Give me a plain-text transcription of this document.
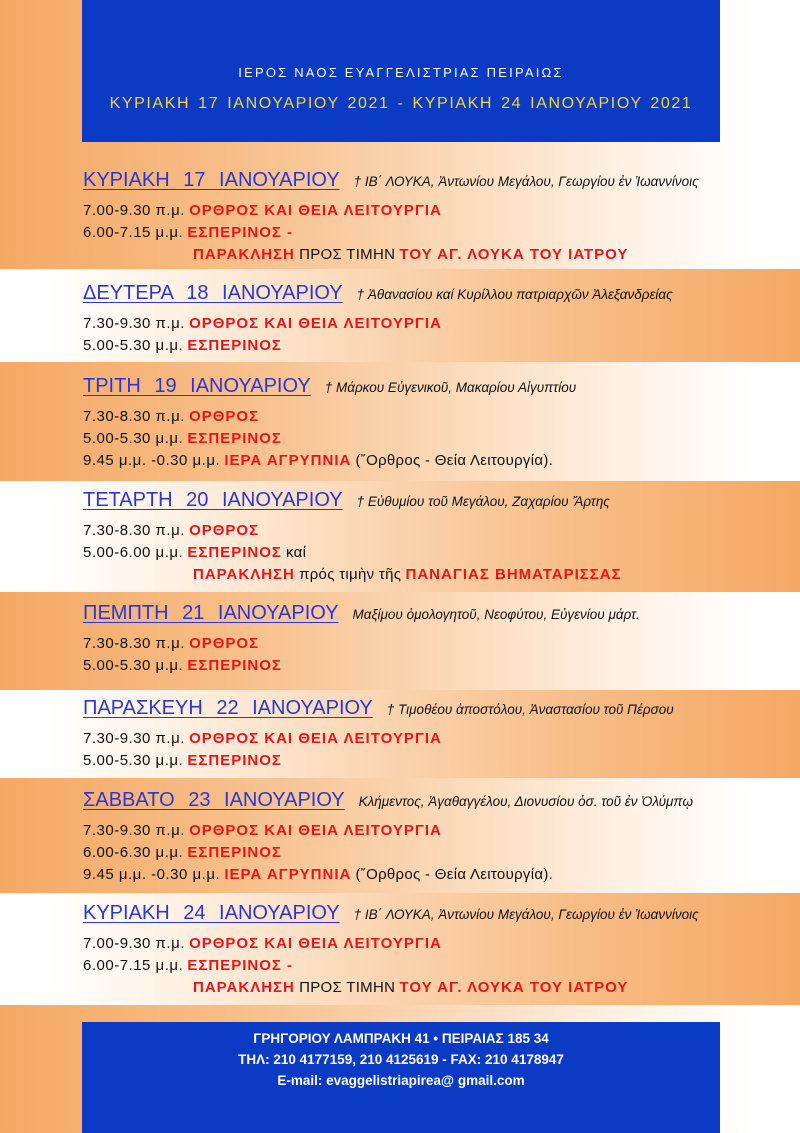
ΙΕΡΟΣ ΝΑΟΣ ΕΥΑΓΓΕΛΙΣΤΡΙΑΣ ΠΕΙΡΑΙΩΣ
ΚΥΡΙΑΚΗ 17 ΙΑΝΟΥΑΡΙΟΥ 2021 - ΚΥΡΙΑΚΗ 24 ΙΑΝΟΥΑΡΙΟΥ 2021
ΚΥΡΙΑΚΗ 17 ΙΑΝΟΥΑΡΙΟΥ † ΙΒ΄ ΛΟΥΚΑ, Ἀντωνίου Μεγάλου, Γεωργίου ἐν Ἰωαννίνοις
7.00-9.30 π.μ. ΟΡΘΡΟΣ ΚΑΙ ΘΕΙΑ ΛΕΙΤΟΥΡΓΙΑ
6.00-7.15 μ.μ. ΕΣΠΕΡΙΝΟΣ -
ΠΑΡΑΚΛΗΣΗ ΠΡΟΣ ΤΙΜΗΝ ΤΟΥ ΑΓ. ΛΟΥΚΑ ΤΟΥ ΙΑΤΡΟΥ
ΔΕΥΤΕΡΑ 18 ΙΑΝΟΥΑΡΙΟΥ † Ἀθανασίου καί Κυρίλλου πατριαρχῶν Ἀλεξανδρείας
7.30-9.30 π.μ. ΟΡΘΡΟΣ ΚΑΙ ΘΕΙΑ ΛΕΙΤΟΥΡΓΙΑ
5.00-5.30 μ.μ. ΕΣΠΕΡΙΝΟΣ
ΤΡΙΤΗ 19 ΙΑΝΟΥΑΡΙΟΥ † Μάρκου Εὐγενικοῦ, Μακαρίου Αἰγυπτίου
7.30-8.30 π.μ. ΟΡΘΡΟΣ
5.00-5.30 μ.μ. ΕΣΠΕΡΙΝΟΣ
9.45 μ.μ. -0.30 μ.μ. ΙΕΡΑ ΑΓΡΥΠΝΙΑ (῎Ορθρος - Θεία Λειτουργία).
ΤΕΤΑΡΤΗ 20 ΙΑΝΟΥΑΡΙΟΥ † Εὐθυμίου τοῦ Μεγάλου, Ζαχαρίου Ἄρτης
7.30-8.30 π.μ. ΟΡΘΡΟΣ
5.00-6.00 μ.μ. ΕΣΠΕΡΙΝΟΣ καί
ΠΑΡΑΚΛΗΣΗ πρός τιμὴν τῆς ΠΑΝΑΓΙΑΣ ΒΗΜΑΤΑΡΙΣΣΑΣ
ΠΕΜΠΤΗ 21 ΙΑΝΟΥΑΡΙΟΥ Μαξίμου ὁμολογητοῦ, Νεοφύτου, Εὐγενίου μάρτ.
7.30-8.30 π.μ. ΟΡΘΡΟΣ
5.00-5.30 μ.μ. ΕΣΠΕΡΙΝΟΣ
ΠΑΡΑΣΚΕΥΗ 22 ΙΑΝΟΥΑΡΙΟΥ † Τιμοθέου ἀποστόλου, Ἀναστασίου τοῦ Πέρσου
7.30-9.30 π.μ. ΟΡΘΡΟΣ ΚΑΙ ΘΕΙΑ ΛΕΙΤΟΥΡΓΙΑ
5.00-5.30 μ.μ. ΕΣΠΕΡΙΝΟΣ
ΣΑΒΒΑΤΟ 23 ΙΑΝΟΥΑΡΙΟΥ Κλήμεντος, Ἀγαθαγγέλου, Διονυσίου ὁσ. τοῦ ἐν Ὀλύμπῳ
7.30-9.30 π.μ. ΟΡΘΡΟΣ ΚΑΙ ΘΕΙΑ ΛΕΙΤΟΥΡΓΙΑ
6.00-6.30 μ.μ. ΕΣΠΕΡΙΝΟΣ
9.45 μ.μ. -0.30 μ.μ. ΙΕΡΑ ΑΓΡΥΠΝΙΑ (῎Ορθρος - Θεία Λειτουργία).
ΚΥΡΙΑΚΗ 24 ΙΑΝΟΥΑΡΙΟΥ † ΙΒ΄ ΛΟΥΚΑ, Ἀντωνίου Μεγάλου, Γεωργίου ἐν Ἰωαννίνοις
7.00-9.30 π.μ. ΟΡΘΡΟΣ ΚΑΙ ΘΕΙΑ ΛΕΙΤΟΥΡΓΙΑ
6.00-7.15 μ.μ. ΕΣΠΕΡΙΝΟΣ -
ΠΑΡΑΚΛΗΣΗ ΠΡΟΣ ΤΙΜΗΝ ΤΟΥ ΑΓ. ΛΟΥΚΑ ΤΟΥ ΙΑΤΡΟΥ
ΓΡΗΓΟΡΙΟΥ ΛΑΜΠΡΑΚΗ 41 • ΠΕΙΡΑΙΑΣ 185 34
ΤΗΛ: 210 4177159, 210 4125619 - FAX: 210 4178947
E-mail: evaggelistriapirea@ gmail.com
